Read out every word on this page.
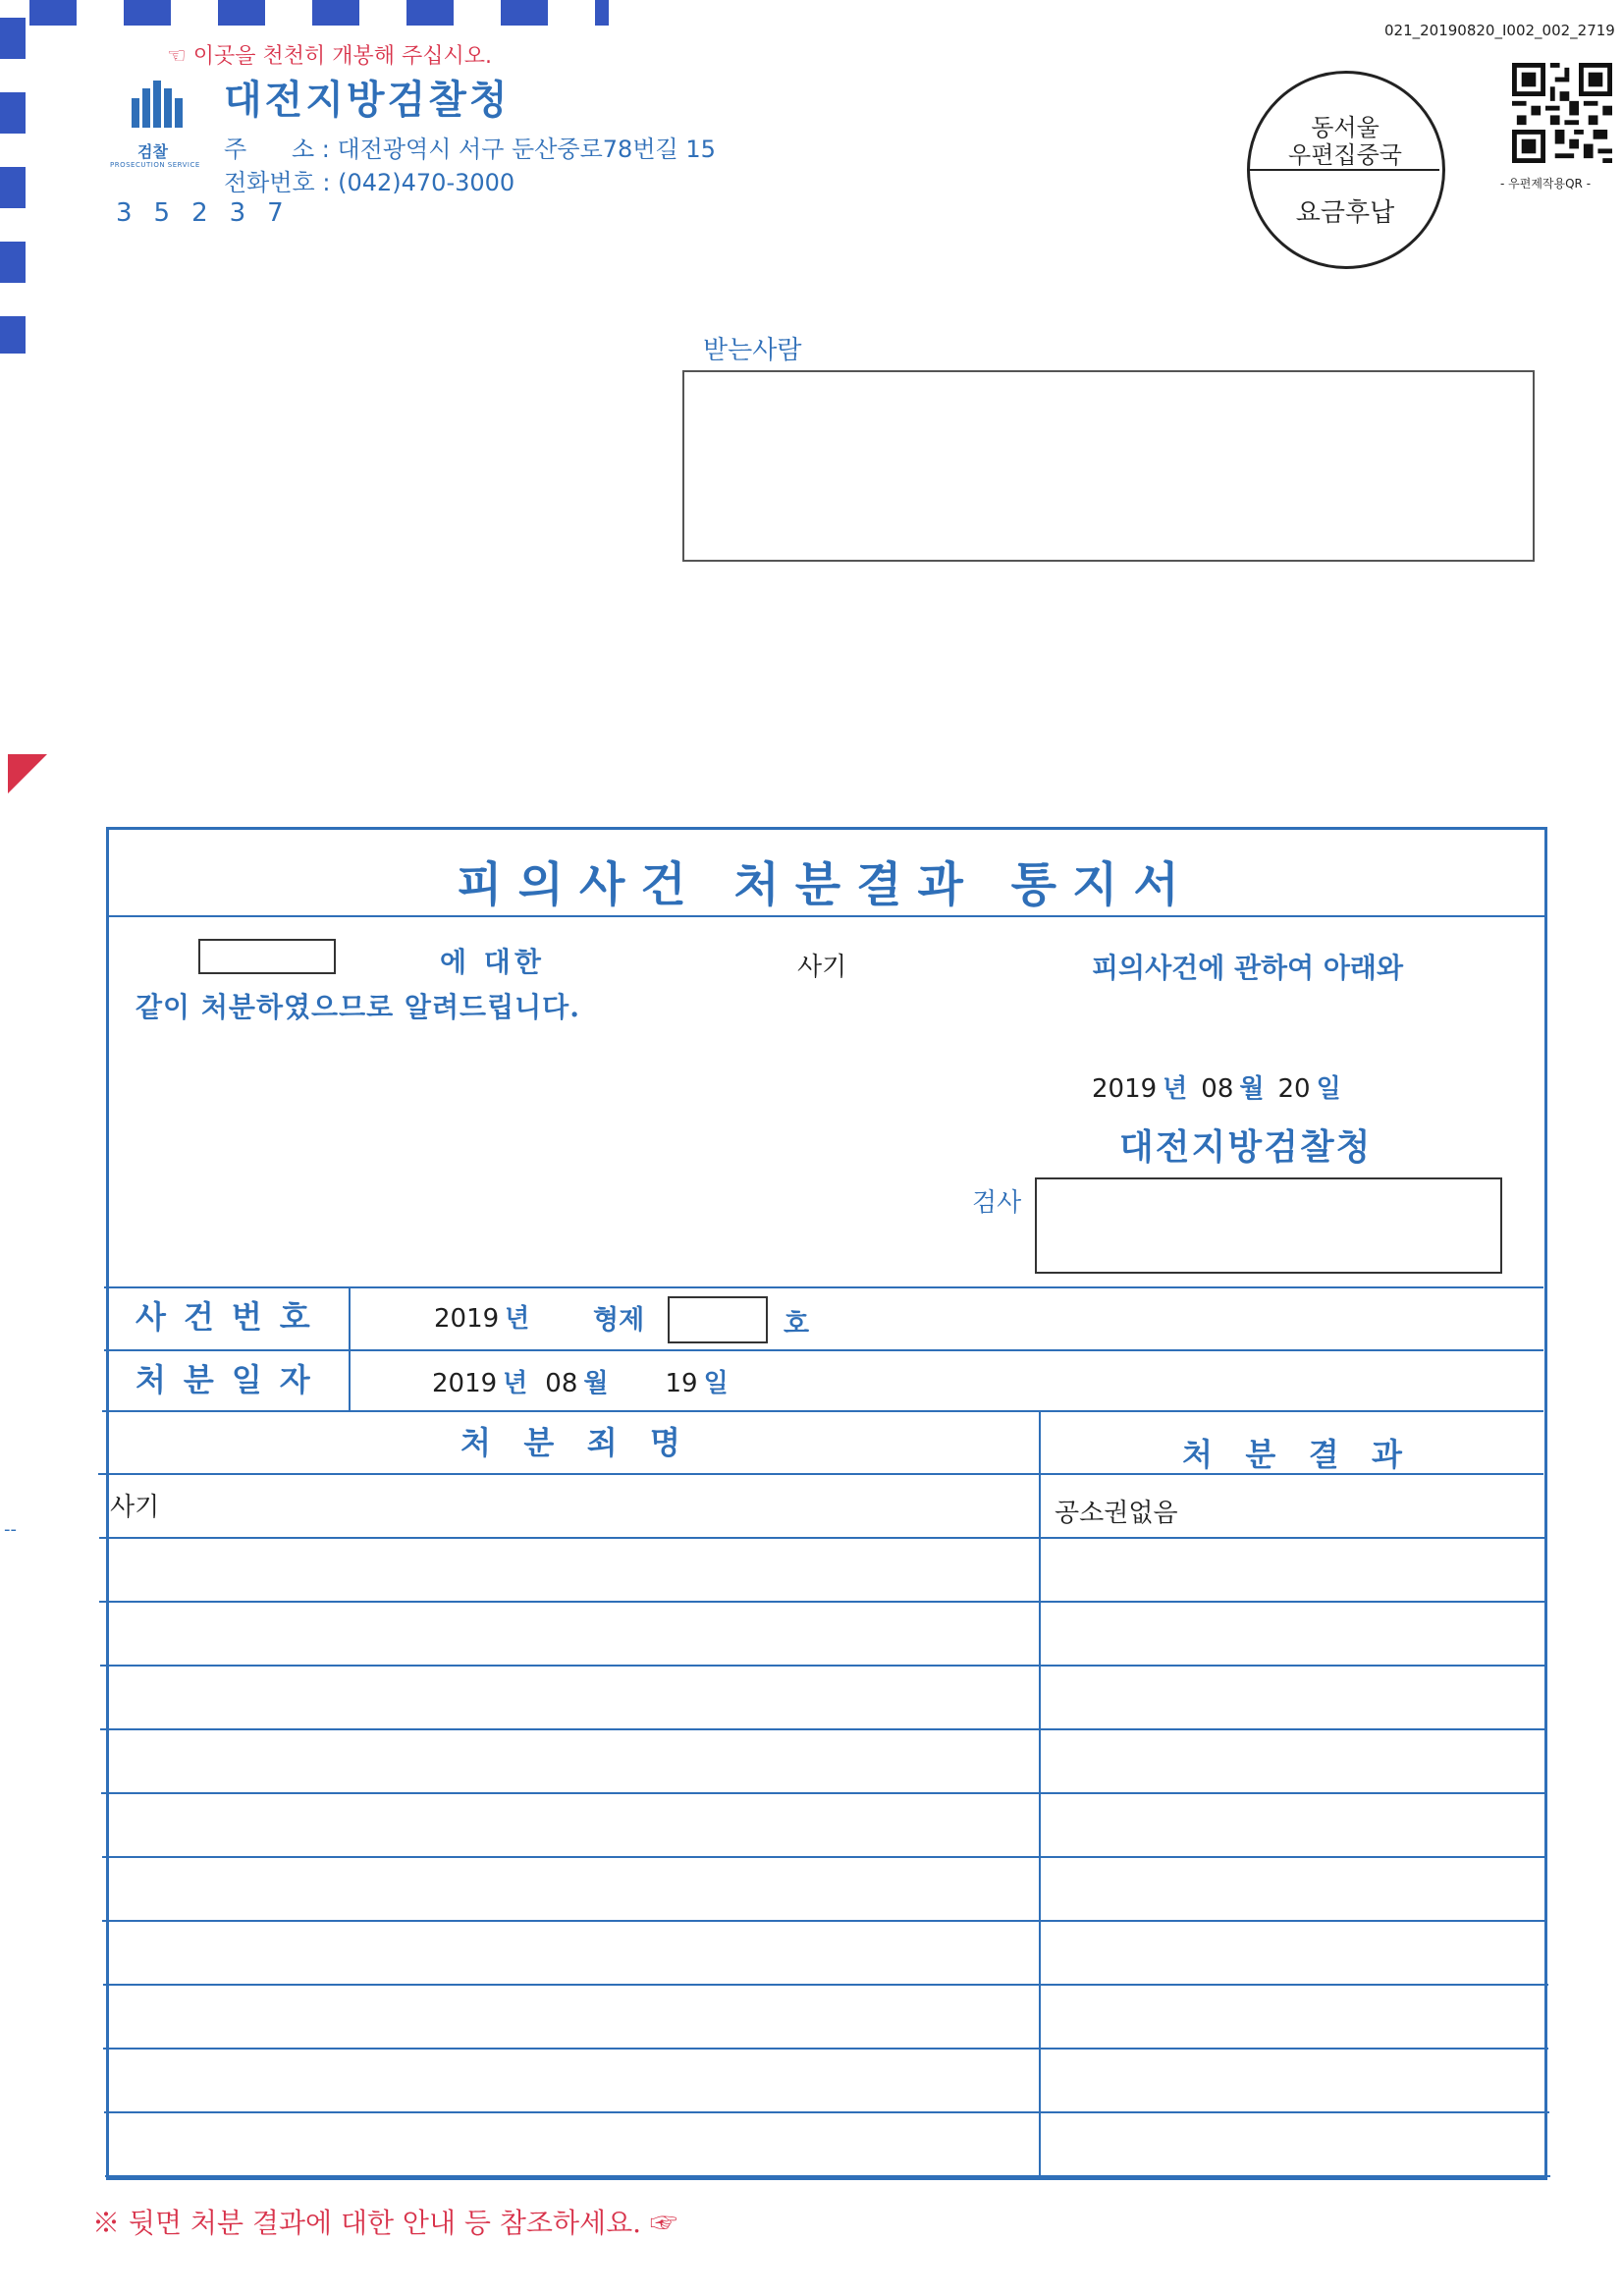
☜ 이곳을 천천히 개봉해 주십시오.
검찰
PROSECUTION SERVICE
대전지방검찰청
주      소 : 대전광역시 서구 둔산중로78번길 15
전화번호 : (042)470-3000
35237
021_20190820_I002_002_2719
- 우편제작용QR -
동서울
우편집중국
요금후납
받는사람
--
피의사건 처분결과 통지서
에 대한	사기	피의사건에 관하여 아래와
같이 처분하였으므로 알려드립니다.
2019 년 08 월 20 일
대전지방검찰청
검사
사건번호	2019 년	형제	호
처분일자	2019 년 08 월 19 일
처   분   죄   명	처   분   결   과
사기	공소권없음
※ 뒷면 처분 결과에 대한 안내 등 참조하세요. ☞
